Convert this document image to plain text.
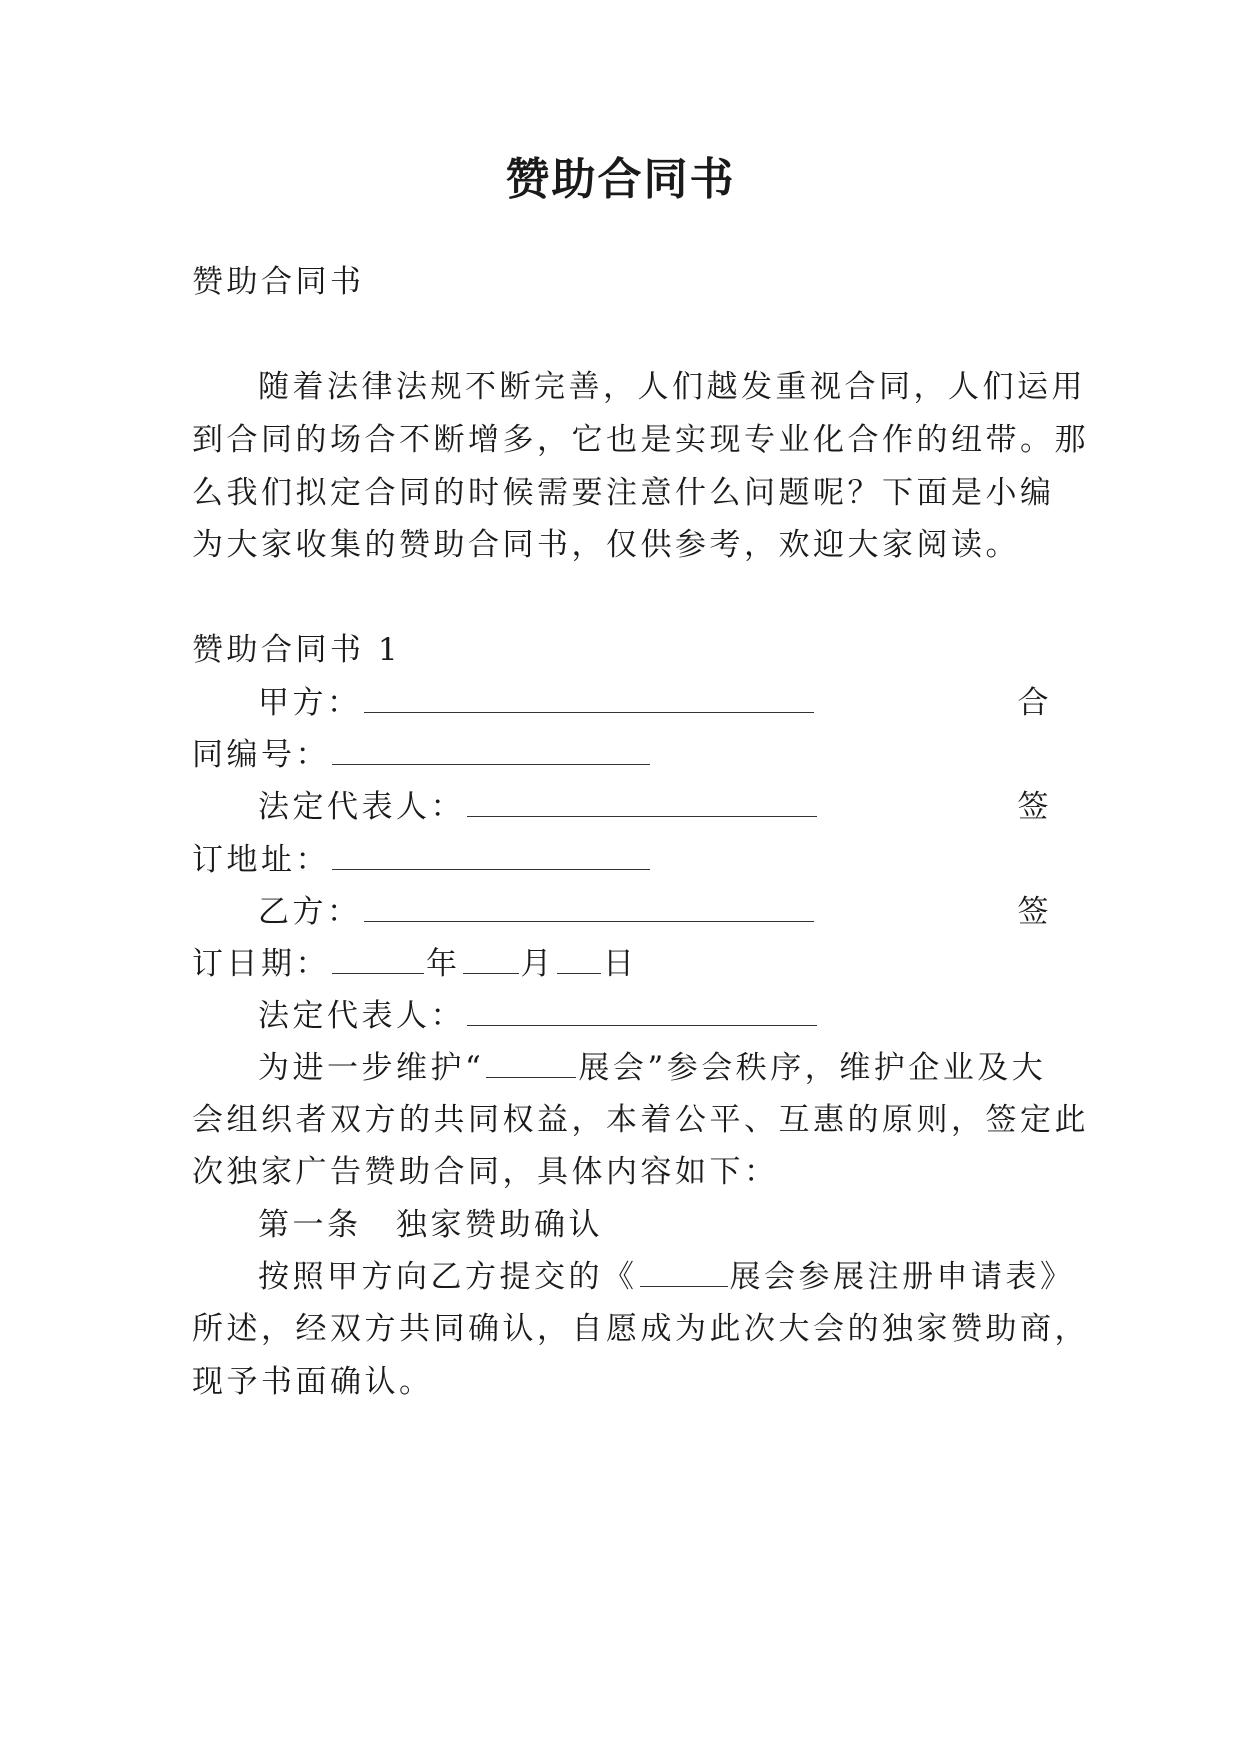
赞助合同书
赞助合同书
随着法律法规不断完善，人们越发重视合同，人们运用
到合同的场合不断增多，它也是实现专业化合作的纽带。那
么我们拟定合同的时候需要注意什么问题呢？下面是小编
为大家收集的赞助合同书，仅供参考，欢迎大家阅读。
赞助合同书 1
甲方：	合
同编号：
法定代表人：	签
订地址：
乙方：	签
订日期：	年 月 日
法定代表人：
为进一步维护“	展会”参会秩序，维护企业及大
会组织者双方的共同权益，本着公平、互惠的原则，签定此
次独家广告赞助合同，具体内容如下：
第一条　独家赞助确认
按照甲方向乙方提交的《	展会参展注册申请表》
所述，经双方共同确认，自愿成为此次大会的独家赞助商，
现予书面确认。
